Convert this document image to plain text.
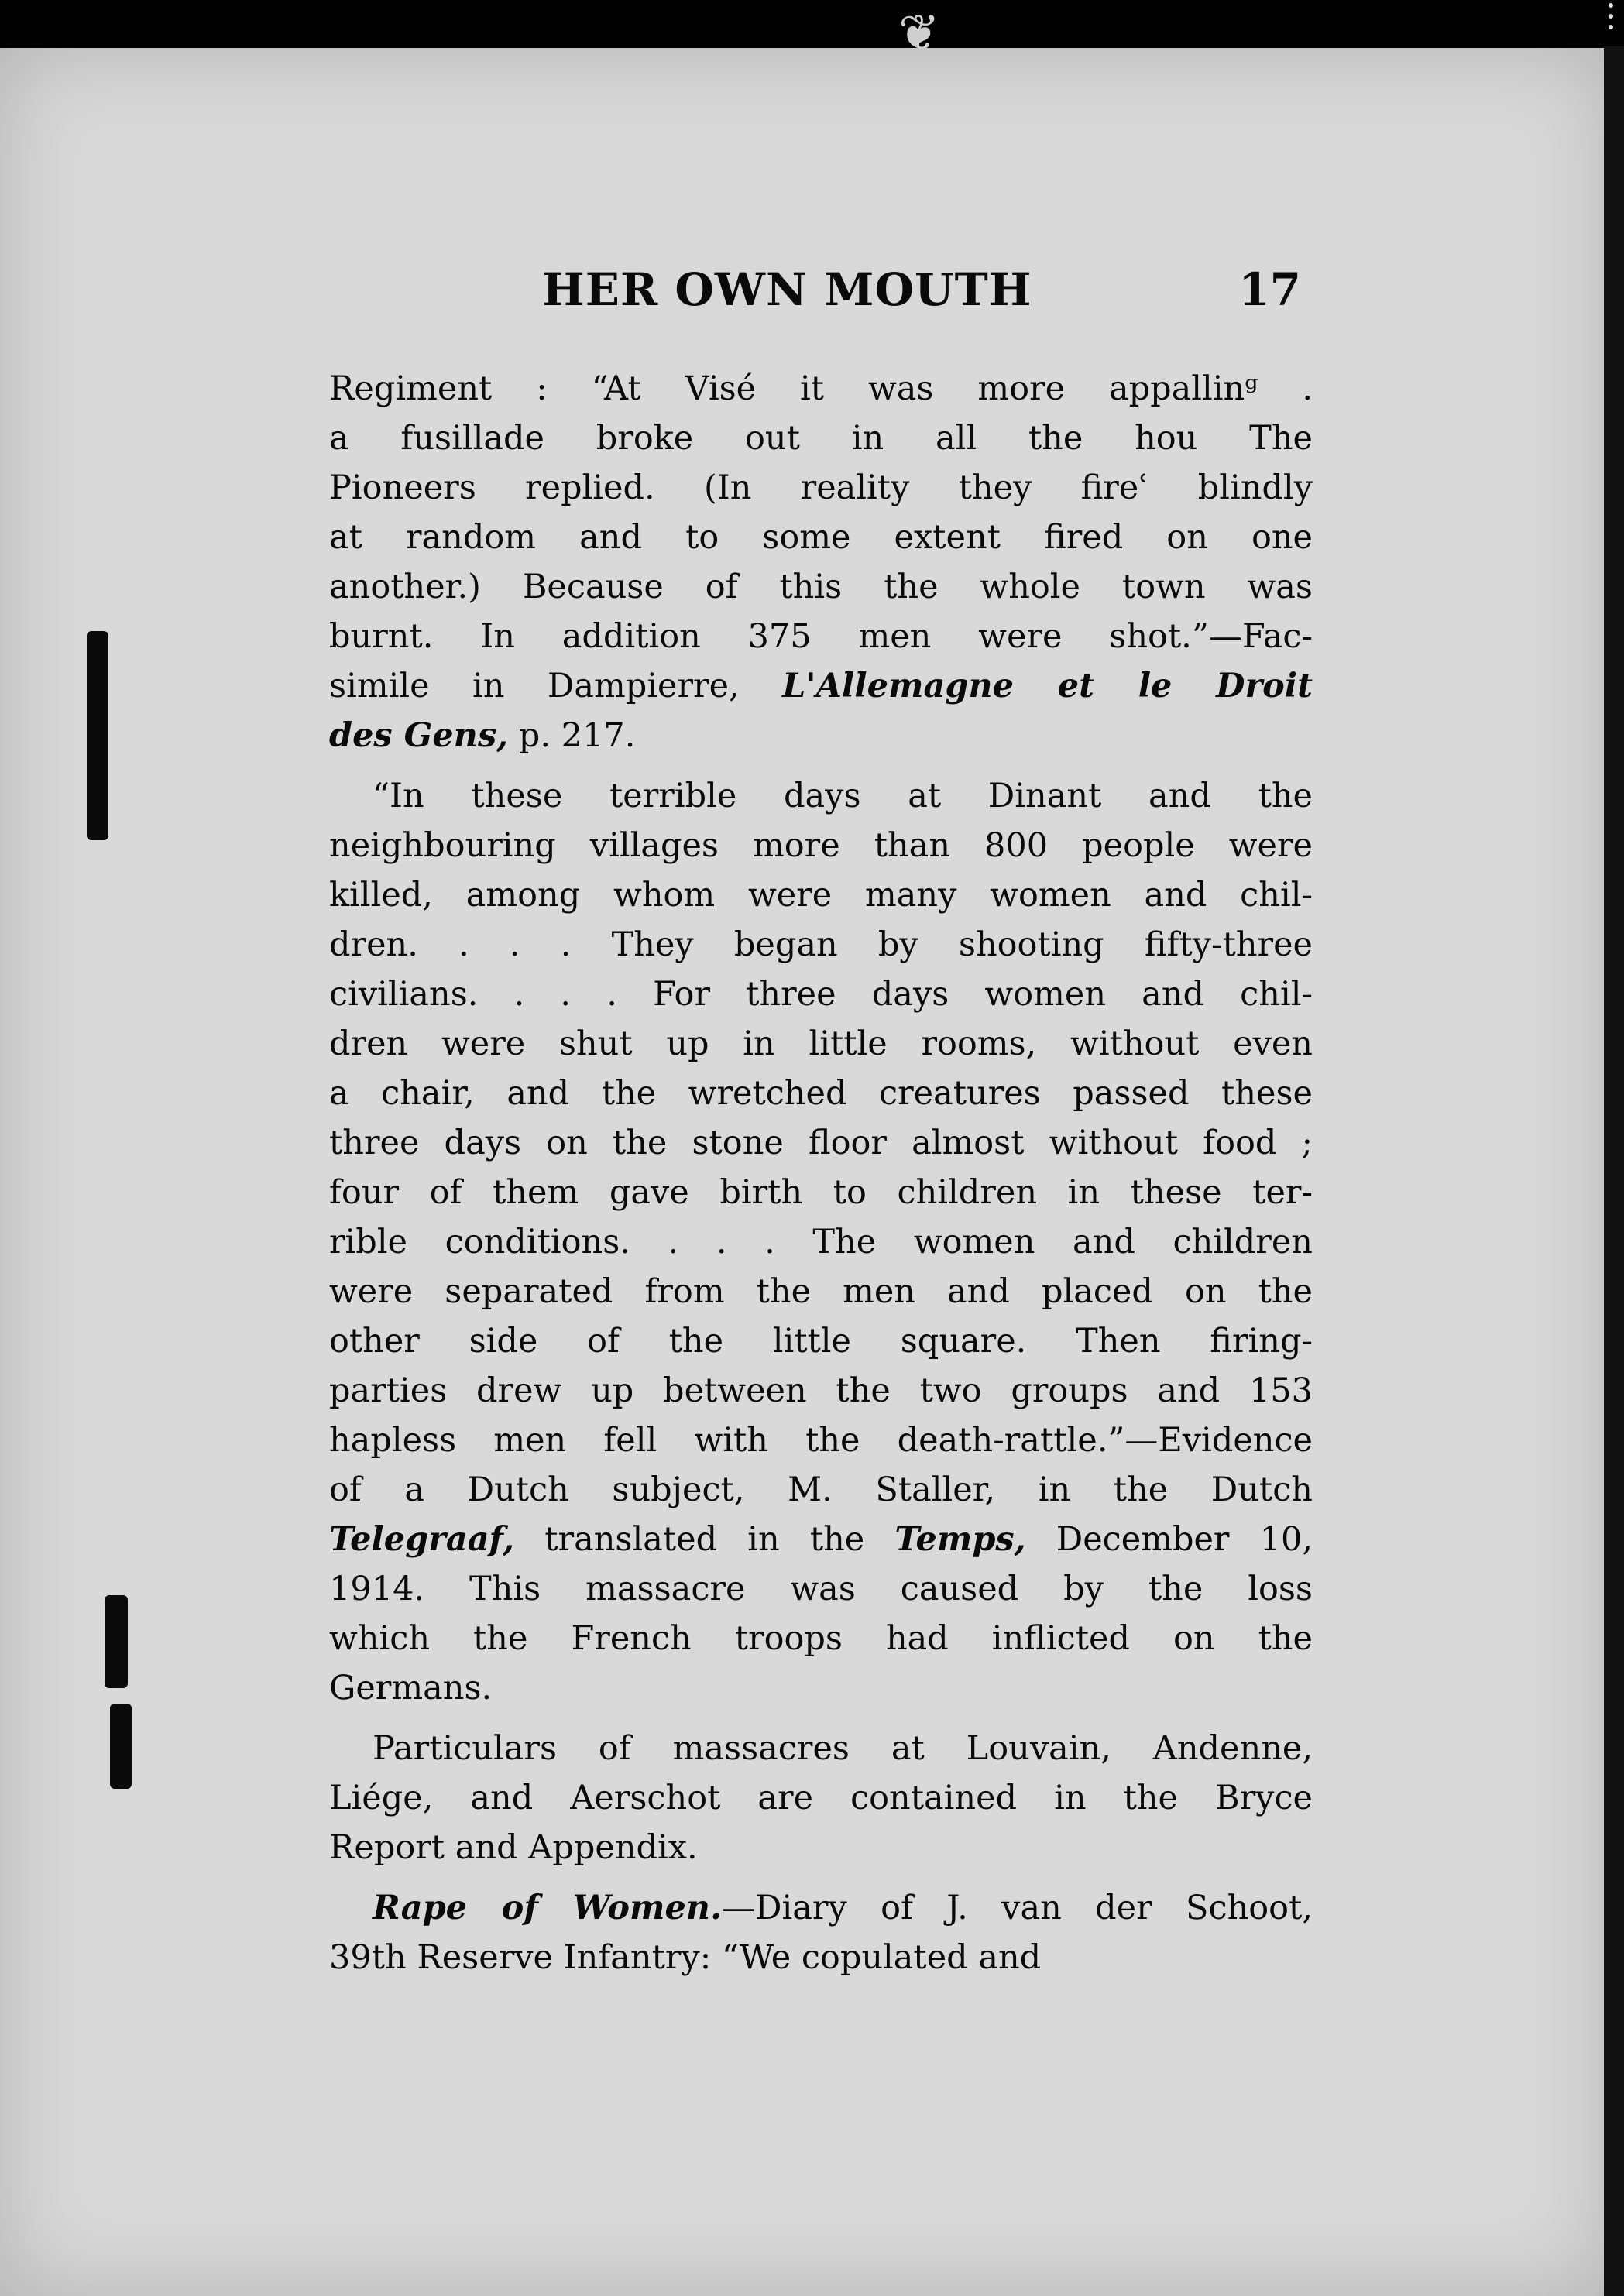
❦
HER OWN MOUTH	17
Regiment : “At Visé it was more appallinᵍ .
a fusillade broke out in all the hou The
Pioneers replied. (In reality they fireʿ blindly
at random and to some extent fired on one
another.) Because of this the whole town was
burnt. In addition 375 men were shot.”—Fac-
simile in Dampierre, L'Allemagne et le Droit
des Gens, p. 217.
“In these terrible days at Dinant and the
neighbouring villages more than 800 people were
killed, among whom were many women and chil-
dren. . . . They began by shooting fifty-three
civilians. . . . For three days women and chil-
dren were shut up in little rooms, without even
a chair, and the wretched creatures passed these
three days on the stone floor almost without food ;
four of them gave birth to children in these ter-
rible conditions. . . . The women and children
were separated from the men and placed on the
other side of the little square. Then firing-
parties drew up between the two groups and 153
hapless men fell with the death-rattle.”—Evidence
of a Dutch subject, M. Staller, in the Dutch
Telegraaf, translated in the Temps, December 10,
1914. This massacre was caused by the loss
which the French troops had inflicted on the
Germans.
Particulars of massacres at Louvain, Andenne,
Liége, and Aerschot are contained in the Bryce
Report and Appendix.
Rape of Women.—Diary of J. van der Schoot,
39th Reserve Infantry: “We copulated and
